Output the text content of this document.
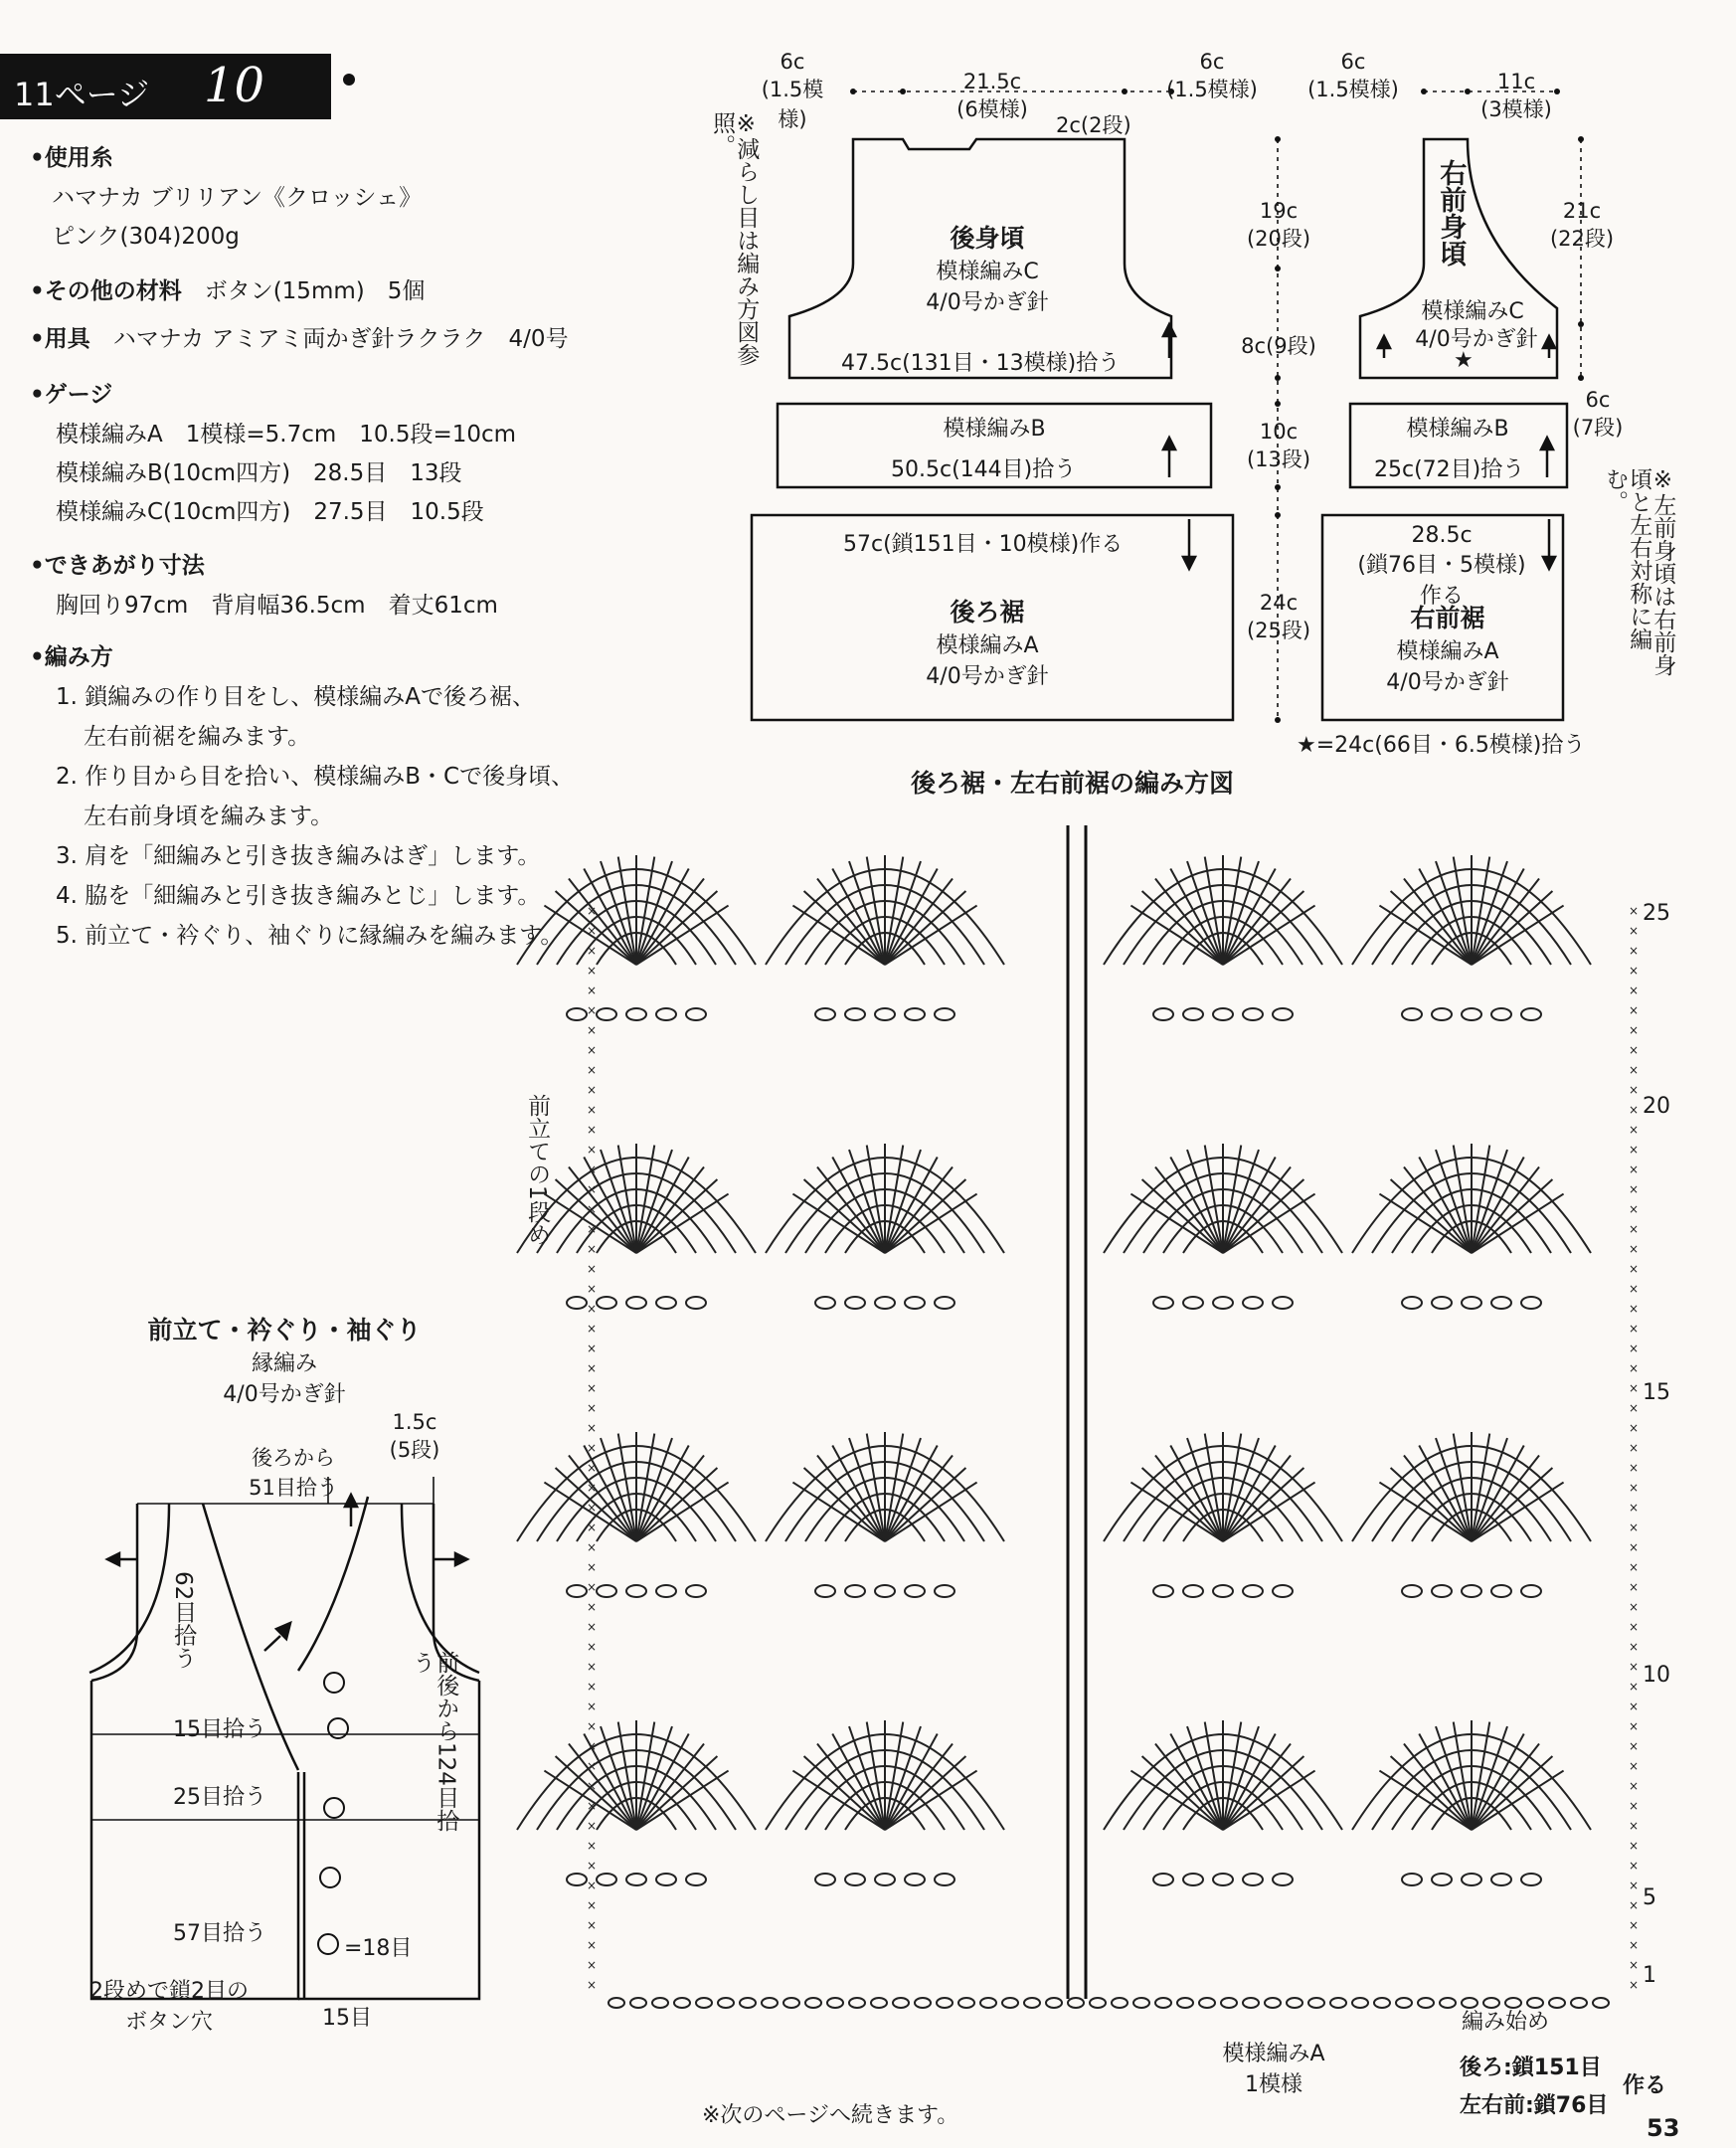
11ページ 10
•使用糸
ハマナカ ブリリアン《クロッシェ》
ピンク(304)200g
•その他の材料　 ボタン(15mm)　5個
•用具　 ハマナカ アミアミ両かぎ針ラクラク　4/0号
•ゲージ
模様編みA　1模様=5.7cm　10.5段=10cm
模様編みB(10cm四方)　28.5目　13段
模様編みC(10cm四方)　27.5目　10.5段
•できあがり寸法
胸回り97cm　背肩幅36.5cm　着丈61cm
•編み方
1. 鎖編みの作り目をし、模様編みAで後ろ裾、
左右前裾を編みます。
2. 作り目から目を拾い、模様編みB・Cで後身頃、
左右前身頃を編みます。
3. 肩を「細編みと引き抜き編みはぎ」します。
4. 脇を「細編みと引き抜き編みとじ」します。
5. 前立て・衿ぐり、袖ぐりに縁編みを編みます。
×	×
×	×
×	×
×	×
×	×
×	×
×	×
×	×
×	×
×	×
×	×
×	×
×	×
×	×
×	×
×	×
×	×
×	×
×	×
×	×
×	×
×	×
×	×
×	×
×	×
×	×
×	×
×	×
×	×
×	×
×	×
×	×
×	×
×	×
×	×
×	×
×	×
×	×
×	×
×	×
×	×
×	×
×	×
×	×
×	×
×	×
×	×
×	×
×	×
×	×
×	×
×	×
×	×
×	×
×	×
6c
(1.5模様)
21.5c
(6模様)
6c
(1.5模様)
2c(2段)
後身頃
模様編みC
4/0号かぎ針
47.5c(131目・13模様)拾う
模様編みB
50.5c(144目)拾う
57c(鎖151目・10模様)作る
後ろ裾
模様編みA
4/0号かぎ針
19c
(20段)
8c(9段)
10c
(13段)
24c
(25段)
※減らし目は編み方図参照。
6c
(1.5模様)	11c
(3模様)
右前身頃
模様編みC
4/0号かぎ針
★
21c
(22段)
6c
(7段)
模様編みB
25c(72目)拾う
28.5c
(鎖76目・5模様)
作る
右前裾
模様編みA
4/0号かぎ針
★=24c(66目・6.5模様)拾う
※左前身頃は右前身頃と左右対称に編む。
後ろ裾・左右前裾の編み方図
前立ての1段め
25
20
15
10
5
1
模様編みA
1模様
編み始め
後ろ:鎖151目
左右前:鎖76目
作る
前立て・衿ぐり・袖ぐり
縁編み
4/0号かぎ針
1.5c
(5段)
後ろから
51目拾う
62目拾う
前後から124目拾う
15目拾う
25目拾う
57目拾う
=18目
2段めで鎖2目の
ボタン穴	15目
※次のページへ続きます。	53
